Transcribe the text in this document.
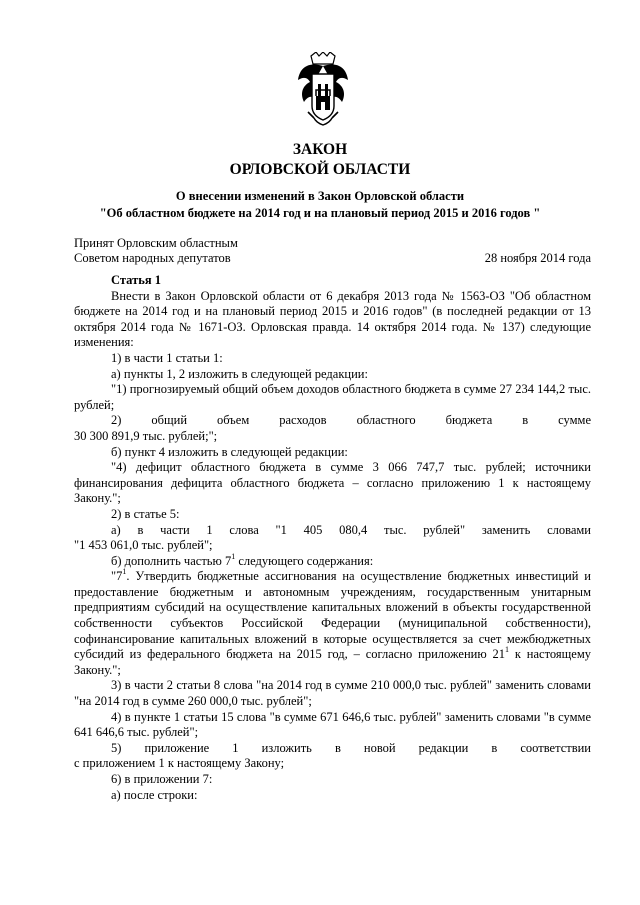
ЗАКОН
ОРЛОВСКОЙ ОБЛАСТИ
О внесении изменений в Закон Орловской области
"Об областном бюджете на 2014 год и на плановый период 2015 и 2016 годов "
Принят Орловским областным
Советом народных депутатов	28 ноября 2014 года

Статья 1

Внести в Закон Орловской области от 6 декабря 2013 года № 1563-ОЗ "Об областном бюджете на 2014 год и на плановый период 2015 и 2016 годов" (в последней редакции от 13 октября 2014 года № 1671-ОЗ. Орловская правда. 14 октября 2014 года. № 137) следующие изменения:

1) в части 1 статьи 1:

а) пункты 1, 2 изложить в следующей редакции:

"1) прогнозируемый общий объем доходов областного бюджета в сумме 27 234 144,2 тыс. рублей;

2) общий объем расходов областного бюджета в сумме

30 300 891,9 тыс. рублей;";

б) пункт 4 изложить в следующей редакции:

"4) дефицит областного бюджета в сумме 3 066 747,7 тыс. рублей; источники финансирования дефицита областного бюджета – согласно приложению 1 к настоящему Закону.";

2) в статье 5:

а) в части 1 слова "1 405 080,4 тыс. рублей" заменить словами

"1 453 061,0 тыс. рублей";

б) дополнить частью $7^1$ следующего содержания:

"$7^1$. Утвердить бюджетные ассигнования на осуществление бюджетных инвестиций и предоставление бюджетным и автономным учреждениям, государственным унитарным предприятиям субсидий на осуществление капитальных вложений в объекты государственной собственности субъектов Российской Федерации (муниципальной собственности), софинансирование капитальных вложений в которые осуществляется за счет межбюджетных субсидий из федерального бюджета на 2015 год, – согласно приложению $21^1$ к настоящему Закону.";

3) в части 2 статьи 8 слова "на 2014 год в сумме 210 000,0 тыс. рублей" заменить словами "на 2014 год в сумме 260 000,0 тыс. рублей";

4) в пункте 1 статьи 15 слова "в сумме 671 646,6 тыс. рублей" заменить словами "в сумме 641 646,6 тыс. рублей";

5) приложение 1 изложить в новой редакции в соответствии

с приложением 1 к настоящему Закону;

6) в приложении 7:

а) после строки:
